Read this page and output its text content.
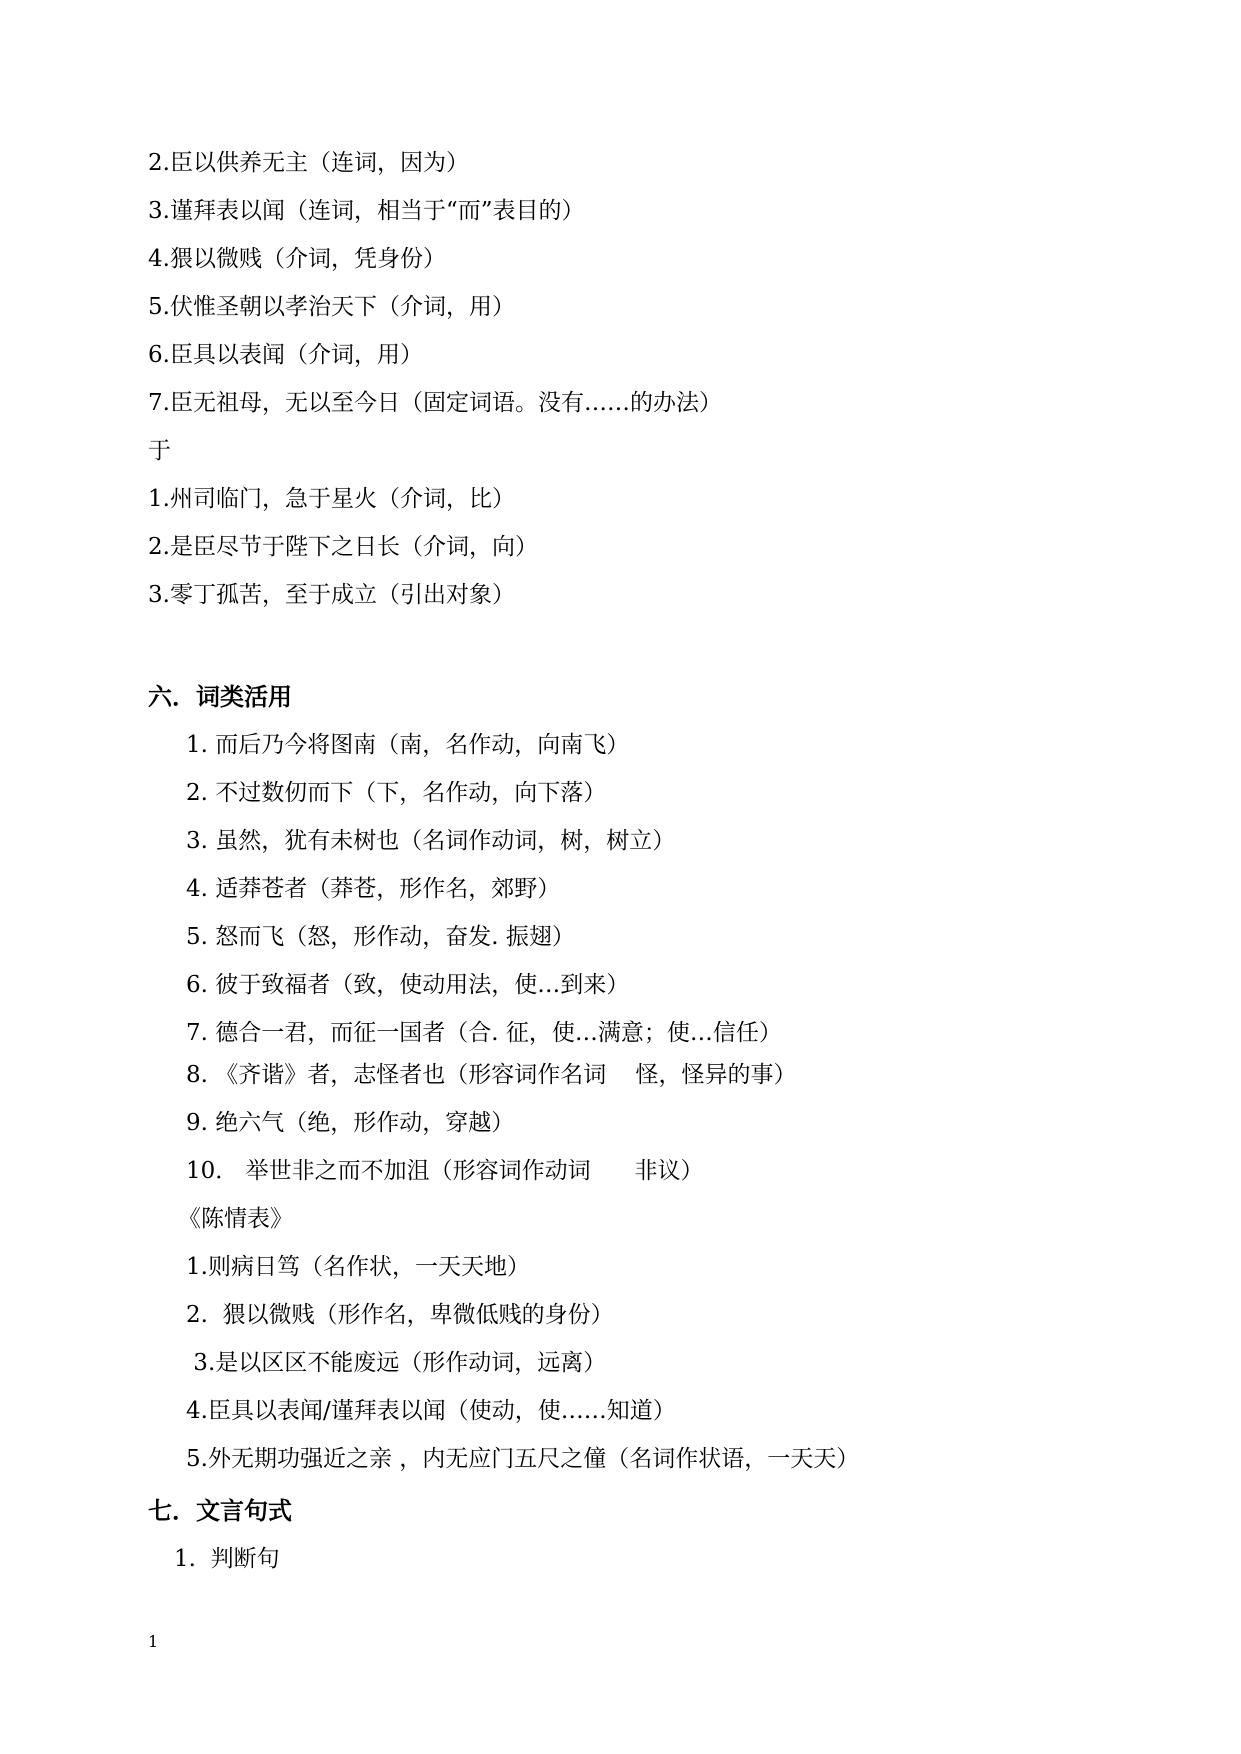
2.臣以供养无主（连词，因为）
3.谨拜表以闻（连词，相当于“而”表目的）
4.猥以微贱（介词，凭身份）
5.伏惟圣朝以孝治天下（介词，用）
6.臣具以表闻（介词，用）
7.臣无祖母，无以至今日（固定词语。没有……的办法）
于
1.州司临门，急于星火（介词，比）
2.是臣尽节于陛下之日长（介词，向）
3.零丁孤苦，至于成立（引出对象）
六．词类活用
1. 而后乃今将图南（南，名作动，向南飞）
2. 不过数仞而下（下，名作动，向下落）
3. 虽然，犹有未树也（名词作动词，树，树立）
4. 适莽苍者（莽苍，形作名，郊野）
5. 怒而飞（怒，形作动，奋发. 振翅）
6. 彼于致福者（致，使动用法，使…到来）
7. 德合一君，而征一国者（合. 征，使…满意；使…信任）
8. 《齐谐》者，志怪者也（形容词作名词    怪，怪异的事）
9. 绝六气（绝，形作动，穿越）
10． 举世非之而不加沮（形容词作动词      非议）
《陈情表》
1.则病日笃（名作状，一天天地）
2.  猥以微贱（形作名，卑微低贱的身份）
3.是以区区不能废远（形作动词，远离）
4.臣具以表闻/谨拜表以闻（使动，使……知道）
5.外无期功强近之亲 ，内无应门五尺之僮（名词作状语，一天天）
七．文言句式
1.  判断句
1
